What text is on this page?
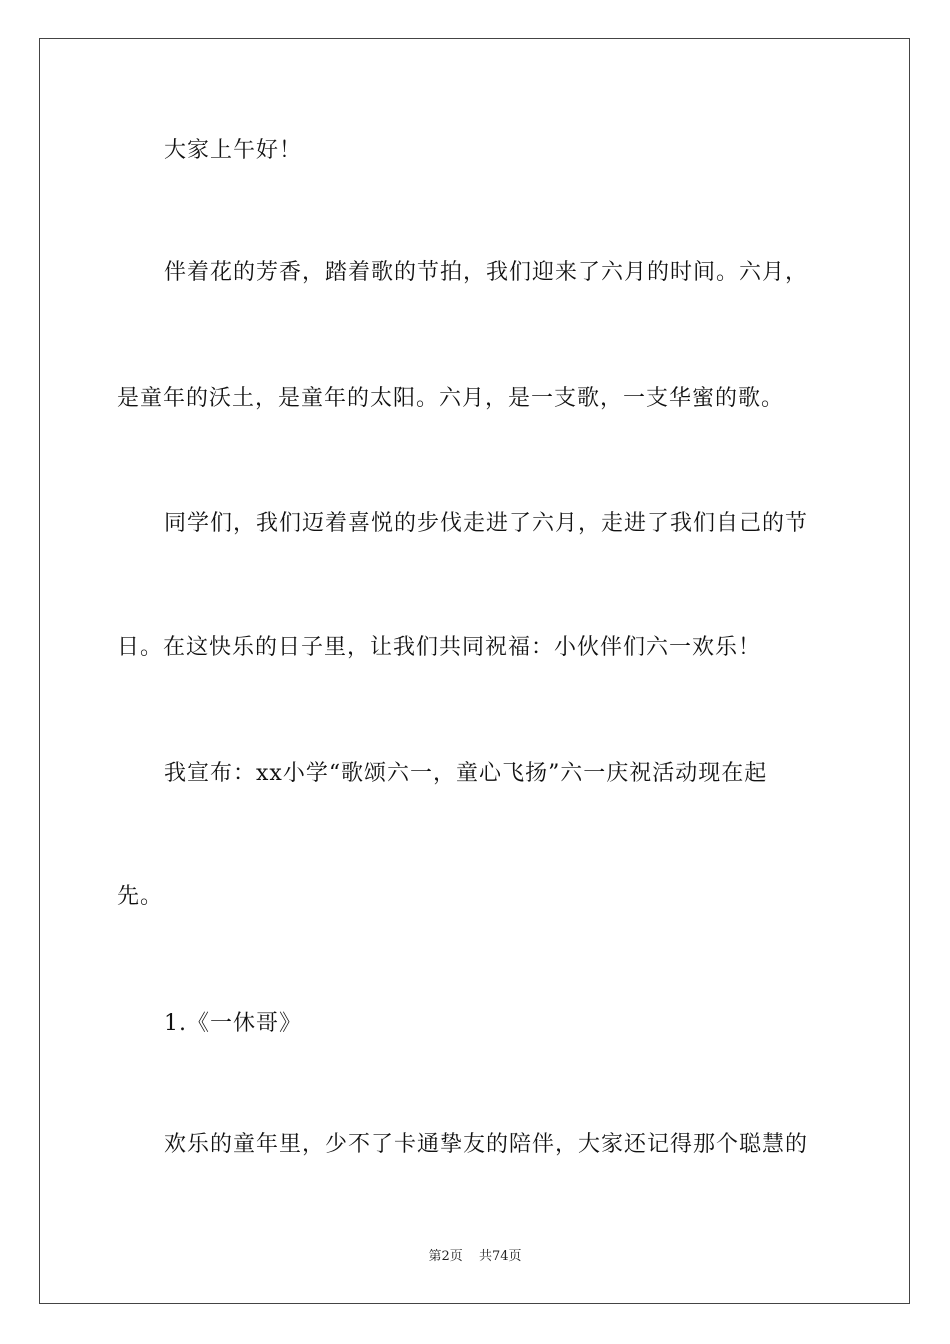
大家上午好！
伴着花的芳香，踏着歌的节拍，我们迎来了六月的时间。六月，
是童年的沃土，是童年的太阳。六月，是一支歌，一支华蜜的歌。
同学们，我们迈着喜悦的步伐走进了六月，走进了我们自己的节
日。在这快乐的日子里，让我们共同祝福：小伙伴们六一欢乐！
我宣布：xx小学“歌颂六一，童心飞扬”六一庆祝活动现在起
先。
1.《一休哥》
欢乐的童年里，少不了卡通挚友的陪伴，大家还记得那个聪慧的
第2页 共74页
